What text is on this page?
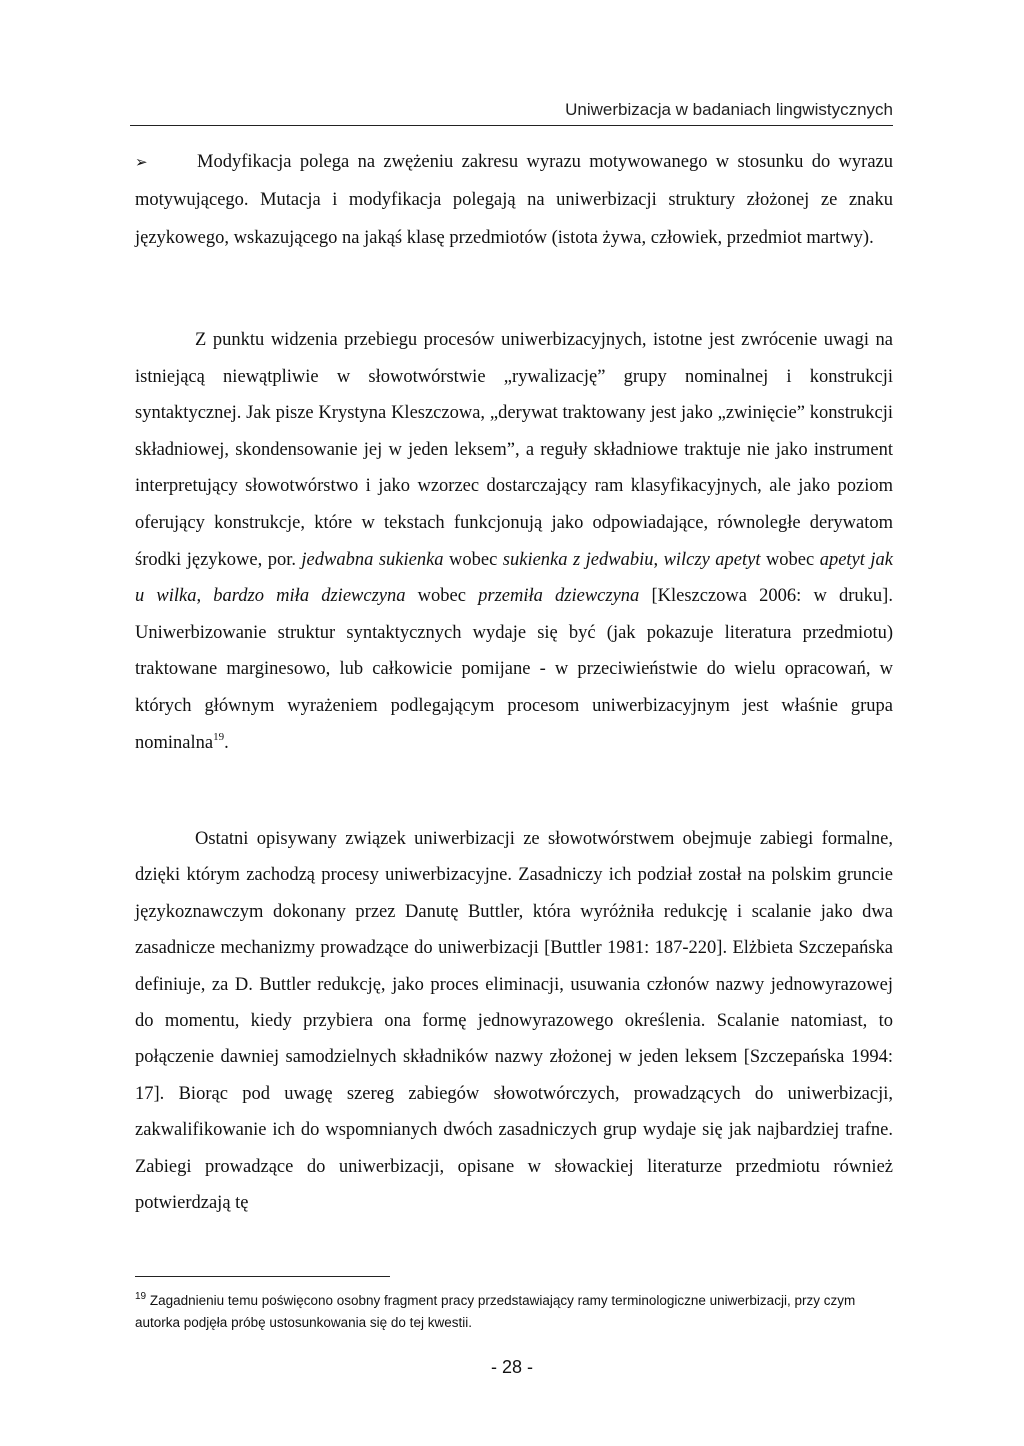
Uniwerbizacja w badaniach lingwistycznych
➢	Modyfikacja polega na zwężeniu zakresu wyrazu motywowanego w stosunku do wyrazu motywującego. Mutacja i modyfikacja polegają na uniwerbizacji struktury złożonej ze znaku językowego, wskazującego na jakąś klasę przedmiotów (istota żywa, człowiek, przedmiot martwy).

Z punktu widzenia przebiegu procesów uniwerbizacyjnych, istotne jest zwrócenie uwagi na istniejącą niewątpliwie w słowotwórstwie „rywalizację” grupy nominalnej i konstrukcji syntaktycznej. Jak pisze Krystyna Kleszczowa, „derywat traktowany jest jako „zwinięcie” konstrukcji składniowej, skondensowanie jej w jeden leksem”, a reguły składniowe traktuje nie jako instrument interpretujący słowotwórstwo i jako wzorzec dostarczający ram klasyfikacyjnych, ale jako poziom oferujący konstrukcje, które w tekstach funkcjonują jako odpowiadające, równoległe derywatom środki językowe, por. jedwabna sukienka wobec sukienka z jedwabiu, wilczy apetyt wobec apetyt jak u wilka, bardzo miła dziewczyna wobec przemiła dziewczyna [Kleszczowa 2006: w druku]. Uniwerbizowanie struktur syntaktycznych wydaje się być (jak pokazuje literatura przedmiotu) traktowane marginesowo, lub całkowicie pomijane - w przeciwieństwie do wielu opracowań, w których głównym wyrażeniem podlegającym procesom uniwerbizacyjnym jest właśnie grupa nominalna$^{19}$.

Ostatni opisywany związek uniwerbizacji ze słowotwórstwem obejmuje zabiegi formalne, dzięki którym zachodzą procesy uniwerbizacyjne. Zasadniczy ich podział został na polskim gruncie językoznawczym dokonany przez Danutę Buttler, która wyróżniła redukcję i scalanie jako dwa zasadnicze mechanizmy prowadzące do uniwerbizacji [Buttler 1981: 187-220]. Elżbieta Szczepańska definiuje, za D. Buttler redukcję, jako proces eliminacji, usuwania członów nazwy jednowyrazowej do momentu, kiedy przybiera ona formę jednowyrazowego określenia. Scalanie natomiast, to połączenie dawniej samodzielnych składników nazwy złożonej w jeden leksem [Szczepańska 1994: 17]. Biorąc pod uwagę szereg zabiegów słowotwórczych, prowadzących do uniwerbizacji, zakwalifikowanie ich do wspomnianych dwóch zasadniczych grup wydaje się jak najbardziej trafne. Zabiegi prowadzące do uniwerbizacji, opisane w słowackiej literaturze przedmiotu również potwierdzają tę

$^{19}$ Zagadnieniu temu poświęcono osobny fragment pracy przedstawiający ramy terminologiczne uniwerbizacji, przy czym autorka podjęła próbę ustosunkowania się do tej kwestii.

- 28 -
